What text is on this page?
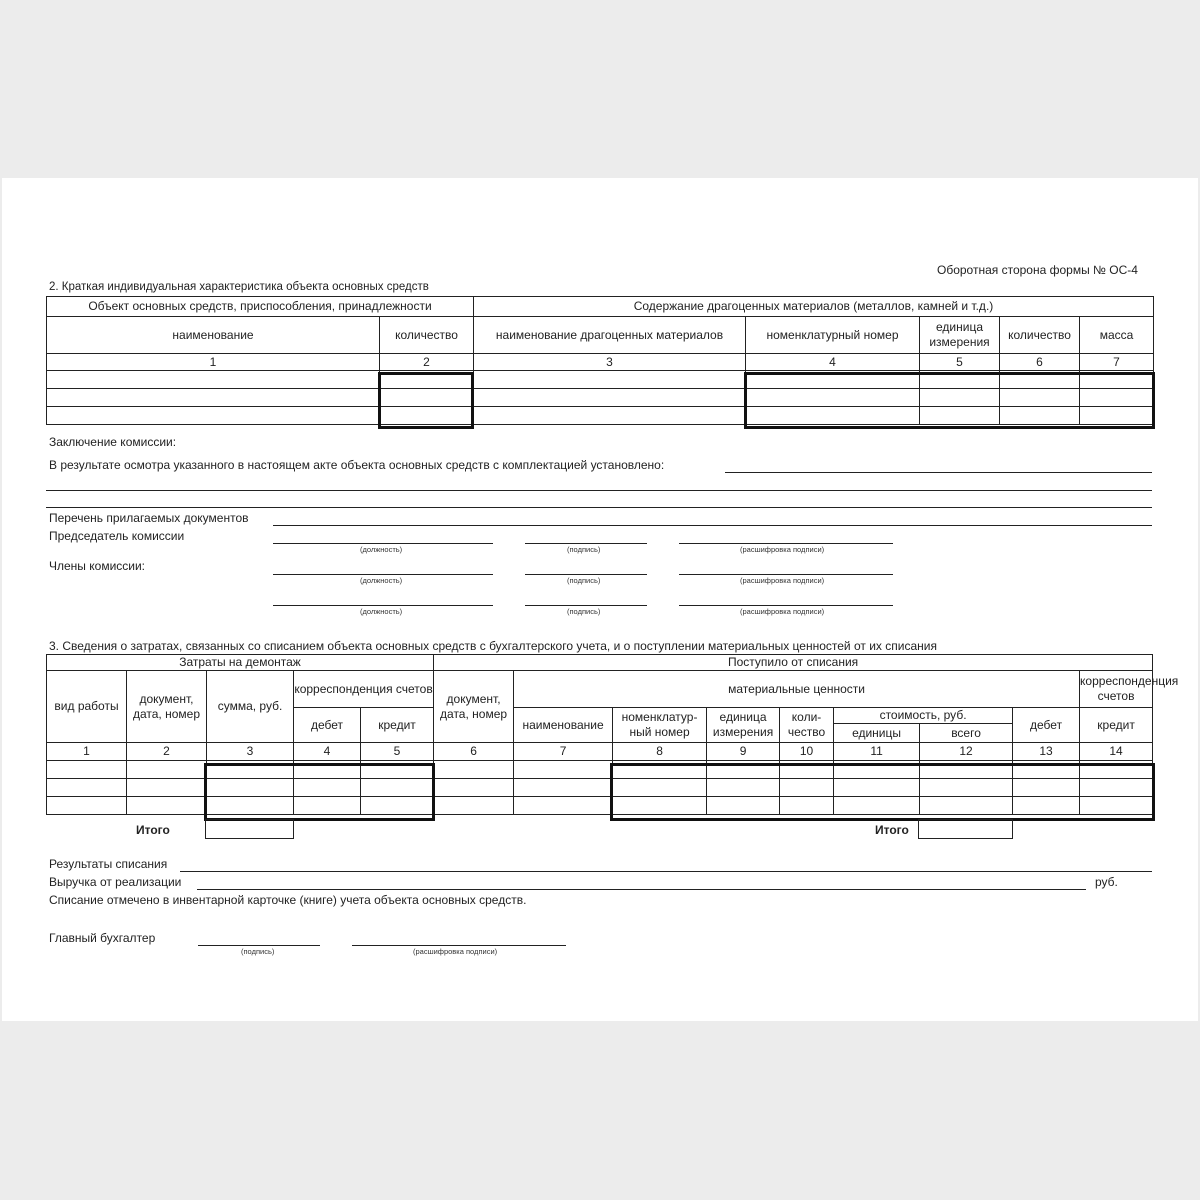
Оборотная сторона формы № ОС-4
2. Краткая индивидуальная характеристика объекта основных средств
Объект основных средств, приспособления, принадлежности		Содержание драгоценных материалов (металлов, камней и т.д.)				
наименование	количество	наименование драгоценных материалов	номенклатурный номер	единица измерения	количество	масса
1	2	3	4	5	6	7

Заключение комиссии:
В результате осмотра указанного в настоящем акте объекта основных средств с комплектацией установлено:
Перечень прилагаемых документов
Председатель комиссии
(должность)	(подпись)	(расшифровка подписи)
Члены комиссии:
(должность)	(подпись)	(расшифровка подписи)
(должность)	(подпись)	(расшифровка подписи)
3. Сведения о затратах, связанных со списанием объекта основных средств с бухгалтерского учета, и о поступлении материальных ценностей от их списания
Затраты на демонтаж					Поступило от списания								
вид работы	документ, дата, номер	сумма, руб.	корреспонденция счетов		документ, дата, номер	материальные ценности							корреспонденция счетов
			дебет	кредит		наименование	номенклатур-ный номер	единица измерения	коли-чество	стоимость, руб.		дебет	кредит
										единицы	всего		
1	2	3	4	5	6	7	8	9	10	11	12	13	14

Итого	Итого
Результаты списания
Выручка от реализации	руб.
Списание отмечено в инвентарной карточке (книге) учета объекта основных средств.
Главный бухгалтер
(подпись)	(расшифровка подписи)
